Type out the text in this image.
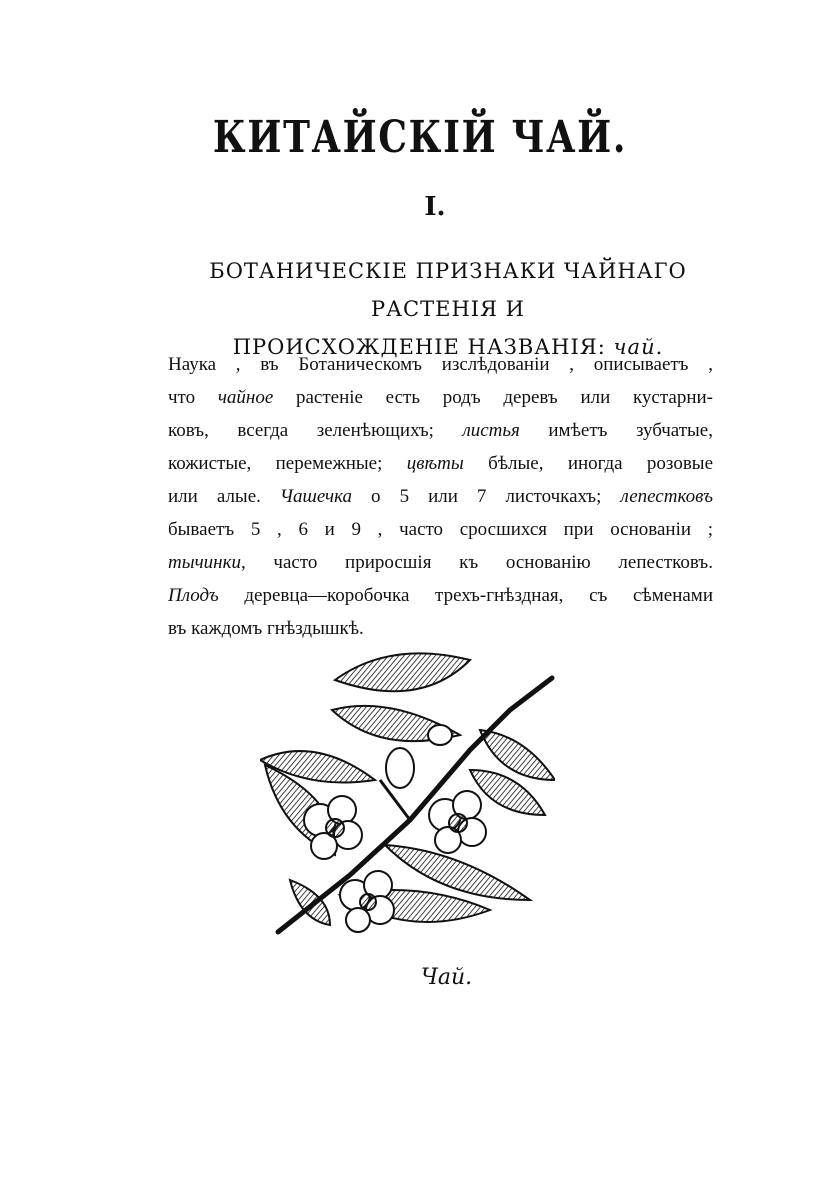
КИТАЙСКІЙ ЧАЙ.
I.
БОТАНИЧЕСКІЕ ПРИЗНАКИ ЧАЙНАГО РАСТЕНІЯ И

ПРОИСХОЖДЕНІЕ НАЗВАНІЯ: чай.
Наука , въ Ботаническомъ изслѣдованіи , описываетъ ,
что чайное растеніе есть родъ деревъ или кустарни-
ковъ, всегда зеленѣющихъ; листья имѣетъ зубчатые,
кожистые, перемежные; цвѣты бѣлые, иногда розовые
или алые. Чашечка о 5 или 7 листочкахъ; лепестковъ
бываетъ 5 , 6 и 9 , часто сросшихся при основаніи ;
тычинки, часто приросшія къ основанію лепестковъ.
Плодъ деревца—коробочка трехъ-гнѣздная, съ сѣменами
въ каждомъ гнѣздышкѣ.
Чай.
